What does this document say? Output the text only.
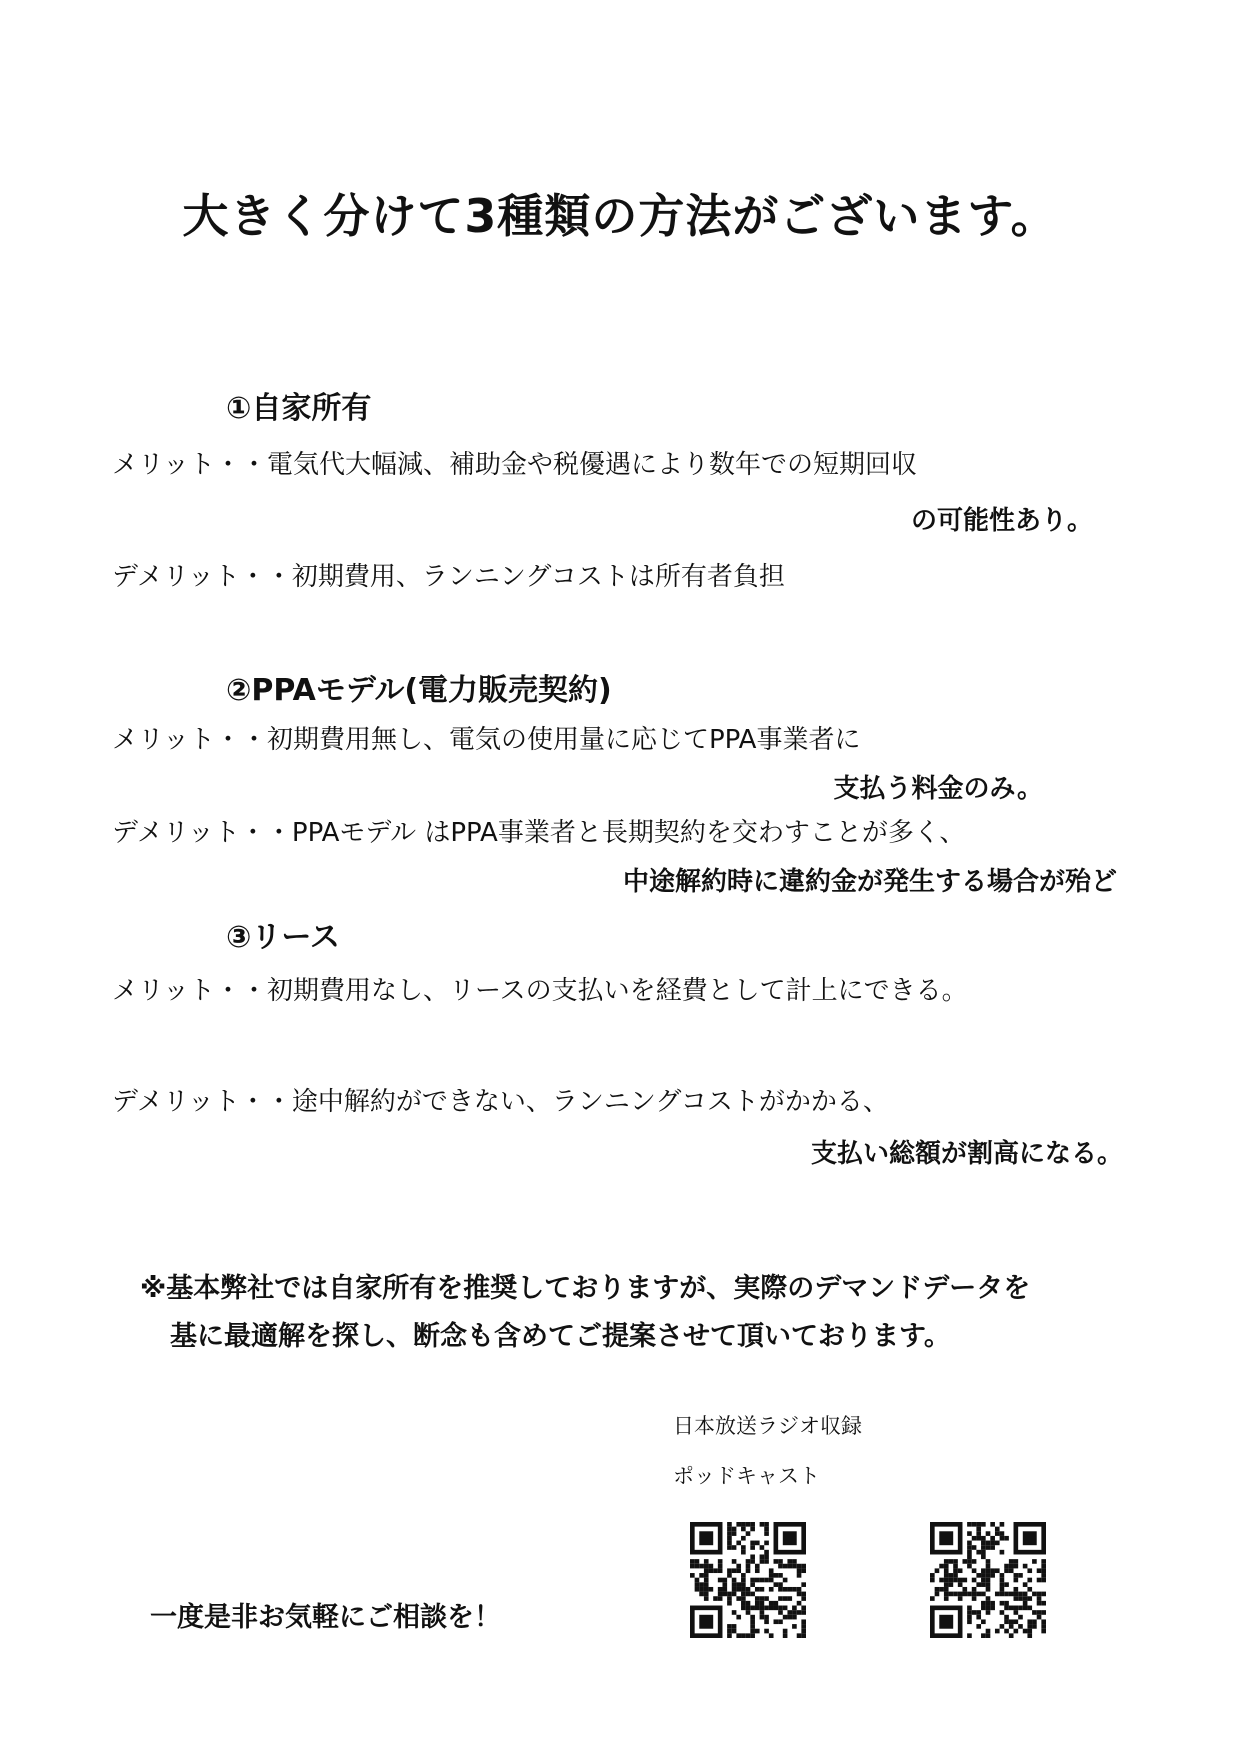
大きく分けて3種類の方法がございます。
①自家所有
メリット・・電気代大幅減、補助金や税優遇により数年での短期回収
の可能性あり。
デメリット・・初期費用、ランニングコストは所有者負担
②PPAモデル(電力販売契約)
メリット・・初期費用無し、電気の使用量に応じてPPA事業者に
支払う料金のみ。
デメリット・・PPAモデル はPPA事業者と長期契約を交わすことが多く、
中途解約時に違約金が発生する場合が殆ど
③リース
メリット・・初期費用なし、リースの支払いを経費として計上にできる。
デメリット・・途中解約ができない、ランニングコストがかかる、
支払い総額が割高になる。
※基本弊社では自家所有を推奨しておりますが、実際のデマンドデータを
基に最適解を探し、断念も含めてご提案させて頂いております。
日本放送ラジオ収録
ポッドキャスト
一度是非お気軽にご相談を！
